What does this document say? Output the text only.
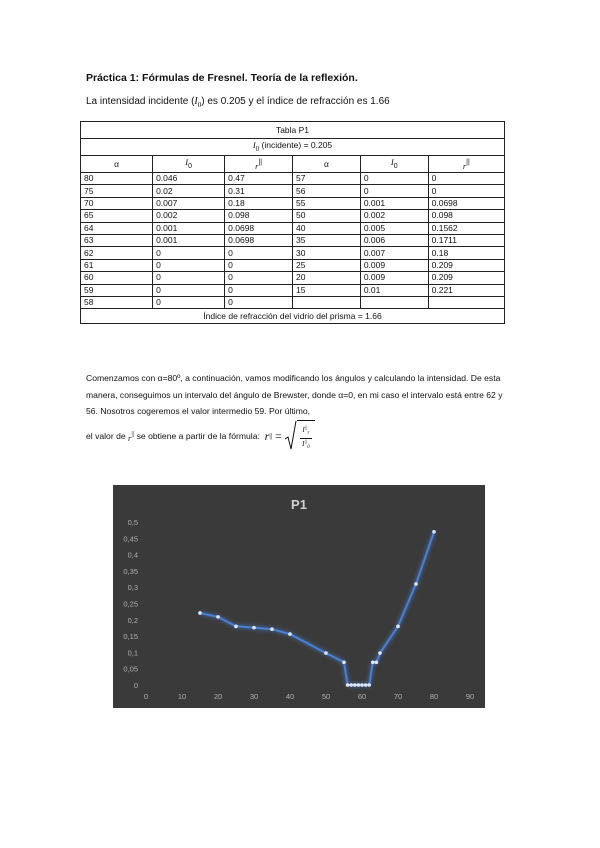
Práctica 1: Fórmulas de Fresnel. Teoría de la reflexión.
La intensidad incidente $(I_0)$ es 0.205 y el índice de refracción es 1.66
Tabla P1					
$I_0$ (incidente) = 0.205					
α	$I_0$	r||	α	$I_0$	r||
80	0.046	0.47	57	0	0
75	0.02	0.31	56	0	0
70	0.007	0.18	55	0.001	0.0698
65	0.002	0.098	50	0.002	0.098
64	0.001	0.0698	40	0.005	0.1562
63	0.001	0.0698	35	0.006	0.1711
62	0	0	30	0.007	0.18
61	0	0	25	0.009	0.209
60	0	0	20	0.009	0.209
59	0	0	15	0.01	0.221
58	0	0			
Índice de refracción del vidrio del prisma = 1.66					
Comenzamos con α=80º, a continuación, vamos modificando los ángulos y calculando la intensidad. De esta manera, conseguimos un intervalo del ángulo de Brewster, donde α=0, en mi caso el intervalo está entre 62 y 56. Nosotros cogeremos el valor intermedio 59. Por último,
el valor de
r||
se obtiene a partir de la fórmula:
r || =	$\frac{I^{||}_r}{I^{||}_0}$
P1
0
0,05
0,1
0,15
0,2
0,25
0,3
0,35
0,4
0,45
0,5
0	10	20	30	40	50	60	70	80	90
